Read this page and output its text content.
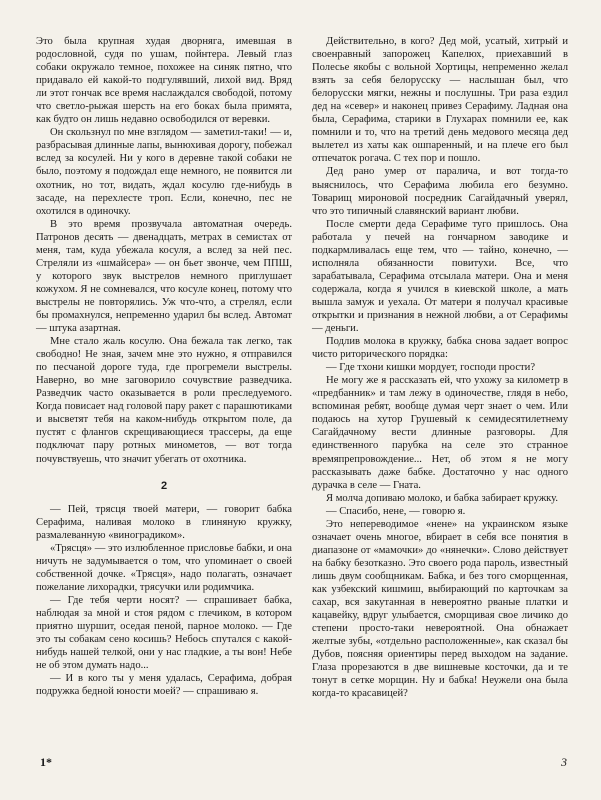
Это была крупная худая дворняга, имевшая в родословной, судя по ушам, пойнтера. Левый глаз собаки окружало темное, похожее на синяк пятно, что придавало ей какой-то подгулявший, лихой вид. Вряд ли этот гончак все время наслаждался свободой, потому что светло-рыжая шерсть на его боках была примята, как будто он лишь недавно освободился от веревки.

Он скользнул по мне взглядом — заметил-таки! — и, разбрасывая длинные лапы, вынюхивая дорогу, побежал вслед за косулей. Ни у кого в деревне такой собаки не было, поэтому я подождал еще немного, не появится ли охотник, но тот, видать, ждал косулю где-нибудь в засаде, на перехлесте троп. Если, конечно, пес не охотился в одиночку.

В это время прозвучала автоматная очередь. Патронов десять — двенадцать, метрах в семистах от меня, там, куда убежала косуля, а вслед за ней пес. Стреляли из «шмайсера» — он бьет звонче, чем ППШ, у которого звук выстрелов немного приглушает кожухом. Я не сомневался, что косуле конец, потому что выстрелы не повторялись. Уж что-что, а стрелял, если бы промахнулся, непременно ударил бы вслед. Автомат — штука азартная.

Мне стало жаль косулю. Она бежала так легко, так свободно! Не зная, зачем мне это нужно, я отправился по песчаной дороге туда, где прогремели выстрелы. Наверно, во мне заговорило сочувствие разведчика. Разведчик часто оказывается в роли преследуемого. Когда повисает над головой пару ракет с парашютиками и высветят тебя на каком-нибудь открытом поле, да пустят с флангов скрещивающиеся трассеры, да еще подключат пару ротных минометов, — вот тогда почувствуешь, что значит убегать от охотника.

2

— Пей, трясця твоей матери, — говорит бабка Серафима, наливая молоко в глиняную кружку, размалеванную «виноградиком».

«Трясця» — это излюбленное присловье бабки, и она ничуть не задумывается о том, что упоминает о своей собственной дочке. «Трясця», надо полагать, означает пожелание лихорадки, трясучки или родимчика.

— Где тебя черти носят? — спрашивает бабка, наблюдая за мной и стоя рядом с глечиком, в котором приятно шуршит, оседая пеной, парное молоко. — Где это ты собакам сено косишь? Небось спутался с какой-нибудь нашей телкой, они у нас гладкие, а ты вон! Небе не об этом думать надо...

— И в кого ты у меня удалась, Серафима, добрая подружка бедной юности моей? — спрашиваю я.

Действительно, в кого? Дед мой, усатый, хитрый и своенравный запорожец Капелюх, приехавший в Полесье якобы с вольной Хортицы, непременно желал взять за себя белорусску — наслышан был, что белорусски мягки, нежны и послушны. Три раза ездил дед на «север» и наконец привез Серафиму. Ладная она была, Серафима, старики в Глухарах помнили ее, как помнили и то, что на третий день медового месяца дед вылетел из хаты как ошпаренный, и на плече его был отпечаток рогача. С тех пор и пошло.

Дед рано умер от паралича, и вот тогда-то выяснилось, что Серафима любила его безумно. Товарищ мироновой посредник Сагайдачный уверял, что это типичный славянский вариант любви.

После смерти деда Серафиме туго пришлось. Она работала у печей на гончарном заводике и подкармливалась еще тем, что — тайно, конечно, — исполняла обязанности повитухи. Все, что зарабатывала, Серафима отсылала матери. Она и меня содержала, когда я учился в киевской школе, а мать вышла замуж и уехала. От матери я получал красивые открытки и признания в нежной любви, а от Серафимы — деньги.

Подлив молока в кружку, бабка снова задает вопрос чисто риторического порядка:

— Где тхони кишки мордует, господи прости?

Не могу же я рассказать ей, что ухожу за километр в «предбанник» и там лежу в одиночестве, глядя в небо, вспоминая ребят, вообще думая черт знает о чем. Или подаюсь на хутор Грушевый к семидесятилетнему Сагайдачному вести длинные разговоры. Для единственного парубка на селе это странное времяпрепровождение... Нет, об этом я не могу рассказывать даже бабке. Достаточно у нас одного дурачка в селе — Гната.

Я молча допиваю молоко, и бабка забирает кружку.

— Спасибо, нене, — говорю я.

Это непереводимое «нене» на украинском языке означает очень многое, вбирает в себя все понятия в диапазоне от «мамочки» до «нянечки». Слово действует на бабку безотказно. Это своего рода пароль, известный лишь двум сообщникам. Бабка, и без того сморщенная, как узбекский кишмиш, выбирающий по карточкам за сахар, вся закутанная в невероятно рваные платки и кацавейку, вдруг улыбается, сморщивая свое личико до степени просто-таки невероятной. Она обнажает желтые зубы, «отдельно расположенные», как сказал бы Дубов, поясняя ориентиры перед выходом на задание. Глаза прорезаются в две вишневые косточки, да и те тонут в сетке морщин. Ну и бабка! Неужели она была когда-то красавицей?

1*	3
